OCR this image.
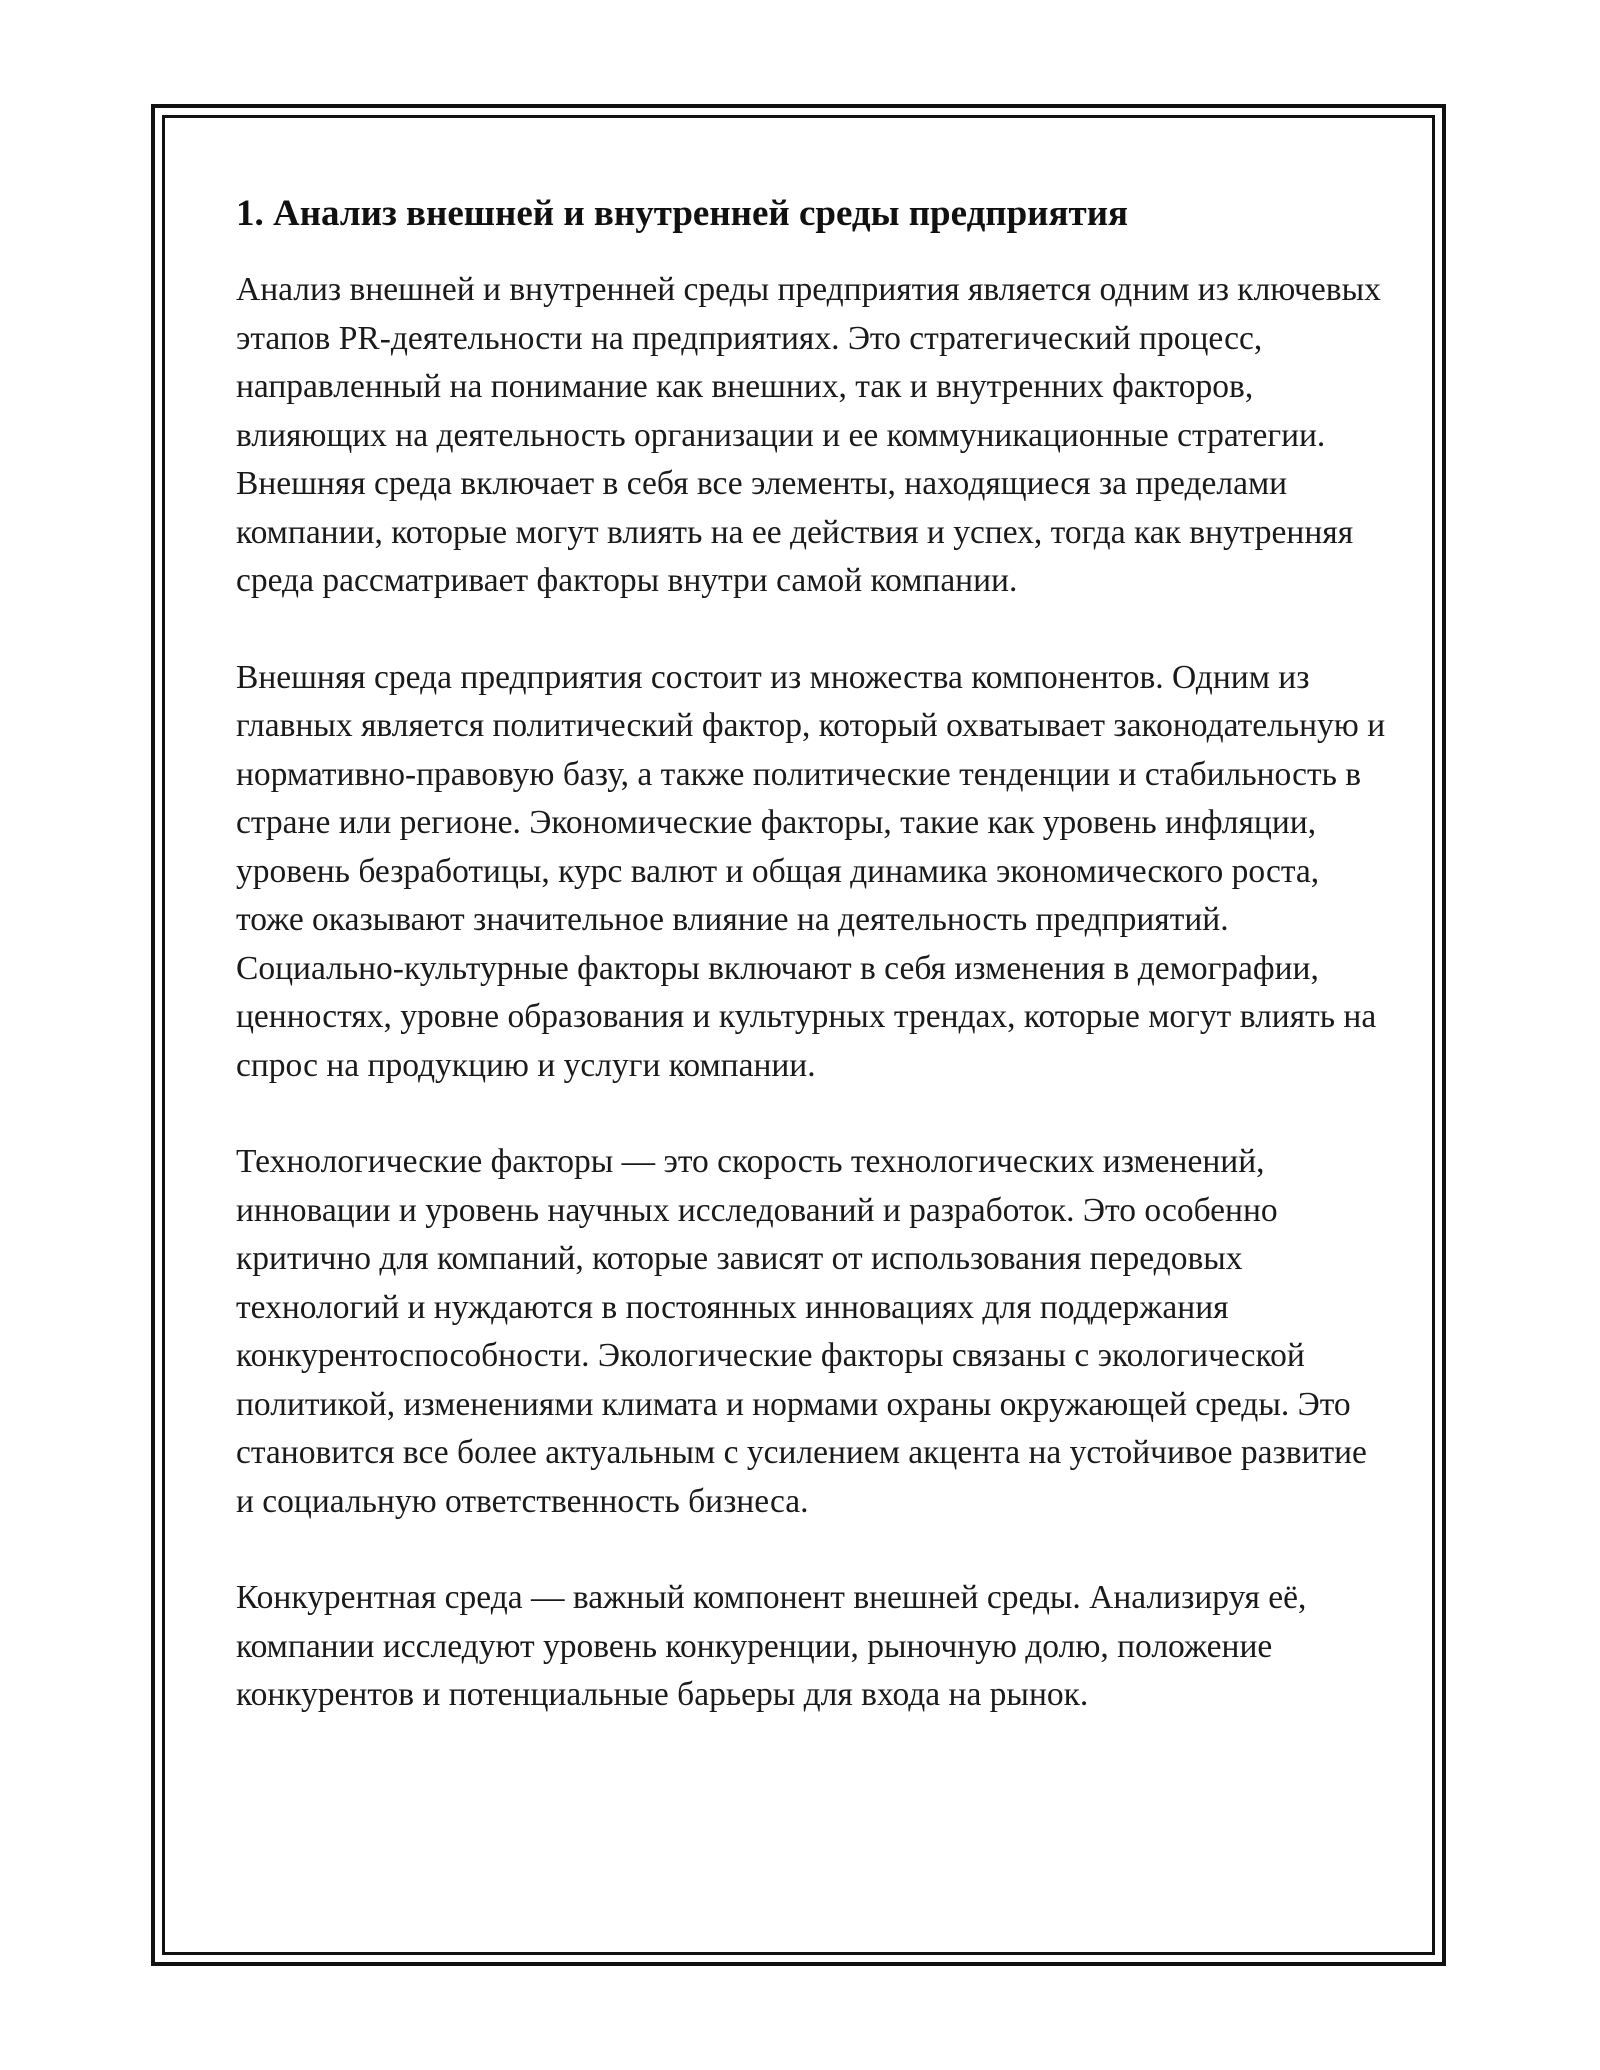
1. Анализ внешней и внутренней среды предприятия

Анализ внешней и внутренней среды предприятия является одним из ключевых этапов PR-деятельности на предприятиях. Это стратегический процесс, направленный на понимание как внешних, так и внутренних факторов, влияющих на деятельность организации и ее коммуникационные стратегии. Внешняя среда включает в себя все элементы, находящиеся за пределами компании, которые могут влиять на ее действия и успех, тогда как внутренняя среда рассматривает факторы внутри самой компании.

Внешняя среда предприятия состоит из множества компонентов. Одним из главных является политический фактор, который охватывает законодательную и нормативно-правовую базу, а также политические тенденции и стабильность в стране или регионе. Экономические факторы, такие как уровень инфляции, уровень безработицы, курс валют и общая динамика экономического роста, тоже оказывают значительное влияние на деятельность предприятий. Социально-культурные факторы включают в себя изменения в демографии, ценностях, уровне образования и культурных трендах, которые могут влиять на спрос на продукцию и услуги компании.

Технологические факторы — это скорость технологических изменений, инновации и уровень научных исследований и разработок. Это особенно критично для компаний, которые зависят от использования передовых технологий и нуждаются в постоянных инновациях для поддержания конкурентоспособности. Экологические факторы связаны с экологической политикой, изменениями климата и нормами охраны окружающей среды. Это становится все более актуальным с усилением акцента на устойчивое развитие и социальную ответственность бизнеса.

Конкурентная среда — важный компонент внешней среды. Анализируя её, компании исследуют уровень конкуренции, рыночную долю, положение конкурентов и потенциальные барьеры для входа на рынок.
